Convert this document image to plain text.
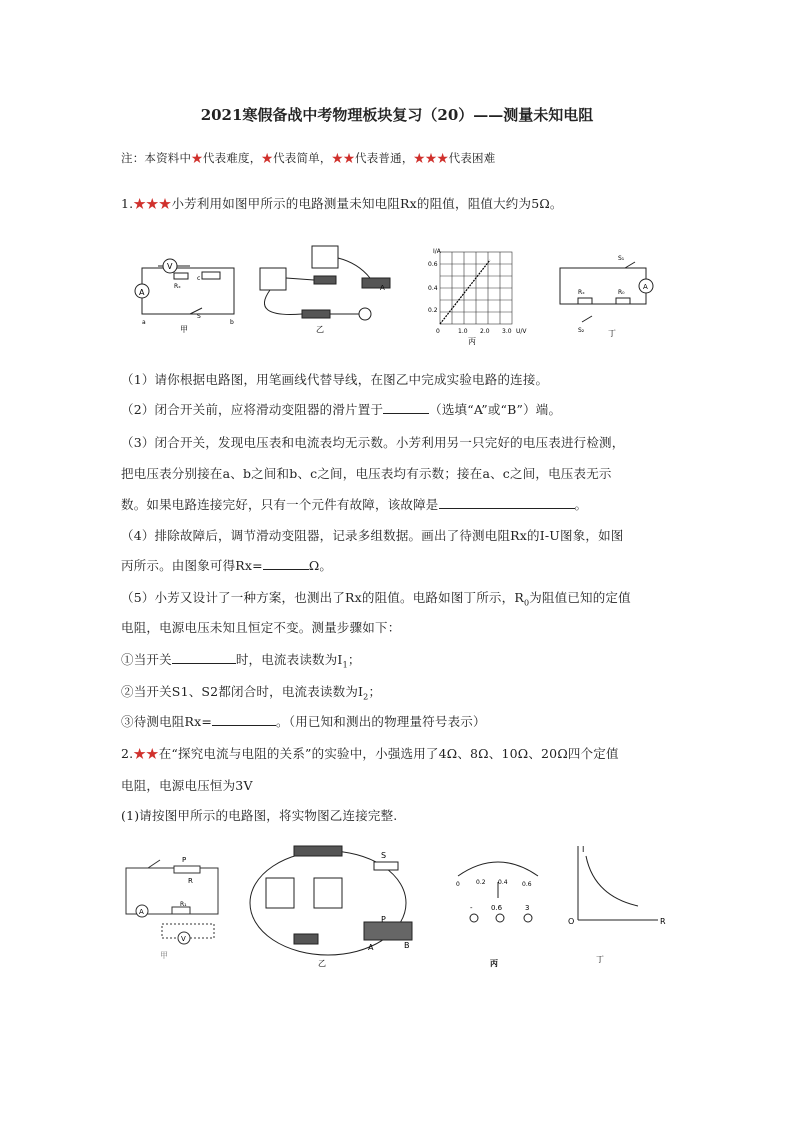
2021寒假备战中考物理板块复习（20）——测量未知电阻
注：本资料中★代表难度，★代表简单，★★代表普通，★★★代表困难
1.★★★小芳利用如图甲所示的电路测量未知电阻Rx的阻值，阻值大约为5Ω。
A
V
Rₓ
S
a	b
c
甲
A
乙
I/A
0.6
0.4
0.2
0	1.0 2.0 3.0 U/V
丙
A
S₁
S₂
Rₓ	R₀
丁
（1）请你根据电路图，用笔画线代替导线，在图乙中完成实验电路的连接。
（2）闭合开关前，应将滑动变阻器的滑片置于	（选填“A”或“B”）端。
（3）闭合开关，发现电压表和电流表均无示数。小芳利用另一只完好的电压表进行检测，
把电压表分别接在a、b之间和b、c之间，电压表均有示数；接在a、c之间，电压表无示
数。如果电路连接完好，只有一个元件有故障，该故障是	。
（4）排除故障后，调节滑动变阻器，记录多组数据。画出了待测电阻Rx的I-U图象，如图
丙所示。由图象可得Rx=	Ω。
（5）小芳又设计了一种方案，也测出了Rx的阻值。电路如图丁所示，$R_0$为阻值已知的定值
电阻，电源电压未知且恒定不变。测量步骤如下：
①当开关	时，电流表读数为$I_1$；
②当开关S1、S2都闭合时，电流表读数为$I_2$；
③待测电阻Rx=	。（用已知和测出的物理量符号表示）
2.★★在“探究电流与电阻的关系”的实验中，小强选用了4Ω、8Ω、10Ω、20Ω四个定值
电阻，电源电压恒为3V
(1)请按图甲所示的电路图，将实物图乙连接完整.
P
R
R₁
A
V
甲
S
P
B
A
乙
0	0.2 0.4 0.6
-	0.6	3
丙
I
R
O
丁
